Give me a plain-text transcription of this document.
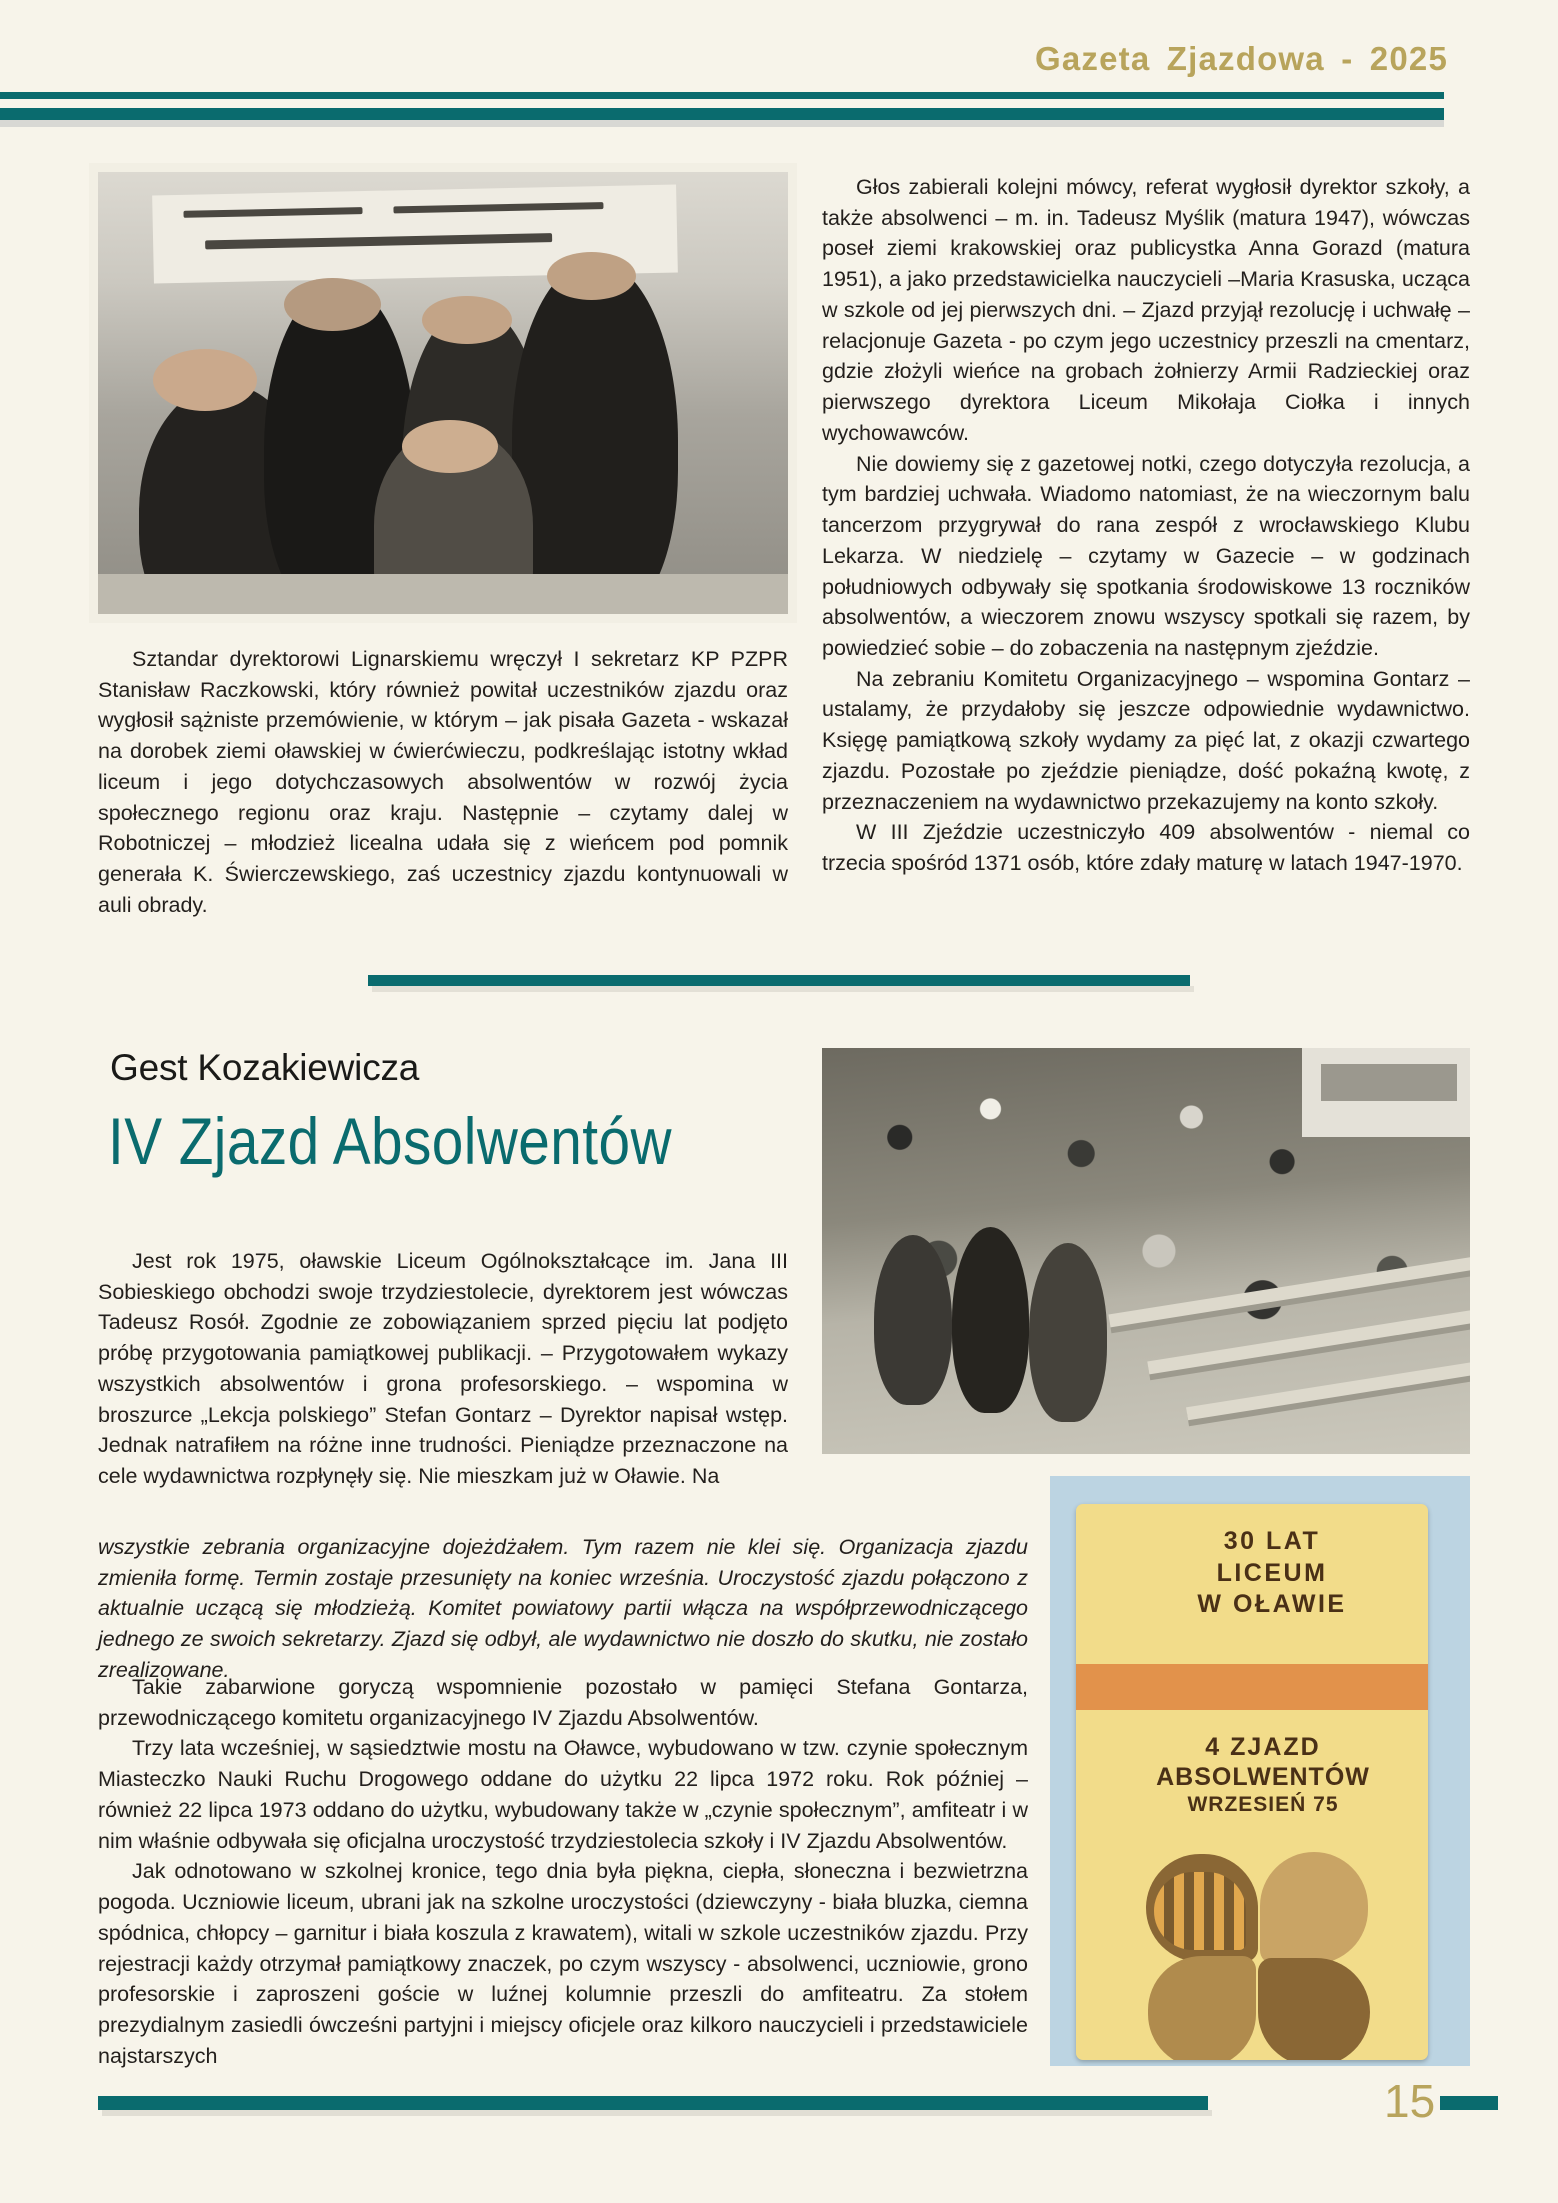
Gazeta Zjazdowa - 2025

Sztandar dyrektorowi Lignarskiemu wręczył I sekretarz KP PZPR Stanisław Raczkowski, który również powitał uczestników zjazdu oraz wygłosił sążniste przemówienie, w którym – jak pisała Gazeta - wskazał na dorobek ziemi oławskiej w ćwierćwieczu, podkreślając istotny wkład liceum i jego dotychczasowych absolwentów w rozwój życia społecznego regionu oraz kraju. Następnie – czytamy dalej w Robotniczej – młodzież licealna udała się z wieńcem pod pomnik generała K. Świerczewskiego, zaś uczestnicy zjazdu kontynuowali w auli obrady.

Głos zabierali kolejni mówcy, referat wygłosił dyrektor szkoły, a także absolwenci – m. in. Tadeusz Myślik (matura 1947), wówczas poseł ziemi krakowskiej oraz publicystka Anna Gorazd (matura 1951), a jako przedstawicielka nauczycieli –Maria Krasuska, ucząca w szkole od jej pierwszych dni. – Zjazd przyjął rezolucję i uchwałę – relacjonuje Gazeta - po czym jego uczestnicy przeszli na cmentarz, gdzie złożyli wieńce na grobach żołnierzy Armii Radzieckiej oraz pierwszego dyrektora Liceum Mikołaja Ciołka i innych wychowawców.

Nie dowiemy się z gazetowej notki, czego dotyczyła rezolucja, a tym bardziej uchwała. Wiadomo natomiast, że na wieczornym balu tancerzom przygrywał do rana zespół z wrocławskiego Klubu Lekarza. W niedzielę – czytamy w Gazecie – w godzinach południowych odbywały się spotkania środowiskowe 13 roczników absolwentów, a wieczorem znowu wszyscy spotkali się razem, by powiedzieć sobie – do zobaczenia na następnym zjeździe.

Na zebraniu Komitetu Organizacyjnego – wspomina Gontarz – ustalamy, że przydałoby się jeszcze odpowiednie wydawnictwo. Księgę pamiątkową szkoły wydamy za pięć lat, z okazji czwartego zjazdu. Pozostałe po zjeździe pieniądze, dość pokaźną kwotę, z przeznaczeniem na wydawnictwo przekazujemy na konto szkoły.

W III Zjeździe uczestniczyło 409 absolwentów - niemal co trzecia spośród 1371 osób, które zdały maturę w latach 1947-1970.

Gest Kozakiewicza
IV Zjazd Absolwentów

Jest rok 1975, oławskie Liceum Ogólnokształcące im. Jana III Sobieskiego obchodzi swoje trzydziestolecie, dyrektorem jest wówczas Tadeusz Rosół. Zgodnie ze zobowiązaniem sprzed pięciu lat podjęto próbę przygotowania pamiątkowej publikacji. – Przygotowałem wykazy wszystkich absolwentów i grona profesorskiego. – wspomina w broszurce „Lekcja polskiego” Stefan Gontarz – Dyrektor napisał wstęp. Jednak natrafiłem na różne inne trudności. Pieniądze przeznaczone na cele wydawnictwa rozpłynęły się. Nie mieszkam już w Oławie. Na

wszystkie zebrania organizacyjne dojeżdżałem. Tym razem nie klei się. Organizacja zjazdu zmieniła formę. Termin zostaje przesunięty na koniec września. Uroczystość zjazdu połączono z aktualnie uczącą się młodzieżą. Komitet powiatowy partii włącza na współprzewodniczącego jednego ze swoich sekretarzy. Zjazd się odbył, ale wydawnictwo nie doszło do skutku, nie zostało zrealizowane.

Takie zabarwione goryczą wspomnienie pozostało w pamięci Stefana Gontarza, przewodniczącego komitetu organizacyjnego IV Zjazdu Absolwentów.

Trzy lata wcześniej, w sąsiedztwie mostu na Oławce, wybudowano w tzw. czynie społecznym Miasteczko Nauki Ruchu Drogowego oddane do użytku 22 lipca 1972 roku. Rok później – również 22 lipca 1973 oddano do użytku, wybudowany także w „czynie społecznym”, amfiteatr i w nim właśnie odbywała się oficjalna uroczystość trzydziestolecia szkoły i IV Zjazdu Absolwentów.

Jak odnotowano w szkolnej kronice, tego dnia była piękna, ciepła, słoneczna i bezwietrzna pogoda. Uczniowie liceum, ubrani jak na szkolne uroczystości (dziewczyny - biała bluzka, ciemna spódnica, chłopcy – garnitur i biała koszula z krawatem), witali w szkole uczestników zjazdu. Przy rejestracji każdy otrzymał pamiątkowy znaczek, po czym wszyscy - absolwenci, uczniowie, grono profesorskie i zaproszeni goście w luźnej kolumnie przeszli do amfiteatru. Za stołem prezydialnym zasiedli ówcześni partyjni i miejscy oficjele oraz kilkoro nauczycieli i przedstawiciele najstarszych

30 LAT
LICEUM
W OŁAWIE
4 ZJAZD
ABSOLWENTÓW
WRZESIEŃ 75
15
